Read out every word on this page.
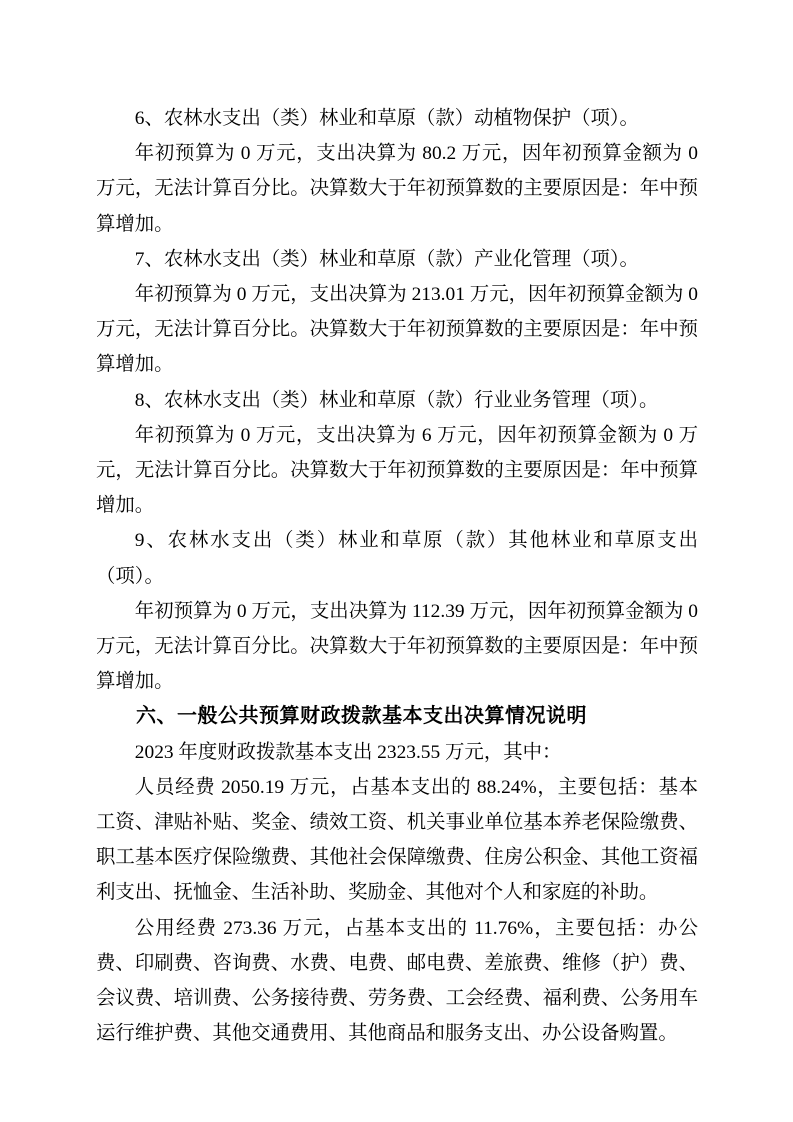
6、农林水支出（类）林业和草原（款）动植物保护（项）。

年初预算为 0 万元，支出决算为 80.2 万元，因年初预算金额为 0 万元，无法计算百分比。决算数大于年初预算数的主要原因是：年中预算增加。

7、农林水支出（类）林业和草原（款）产业化管理（项）。

年初预算为 0 万元，支出决算为 213.01 万元，因年初预算金额为 0 万元，无法计算百分比。决算数大于年初预算数的主要原因是：年中预算增加。

8、农林水支出（类）林业和草原（款）行业业务管理（项）。

年初预算为 0 万元，支出决算为 6 万元，因年初预算金额为 0 万元，无法计算百分比。决算数大于年初预算数的主要原因是：年中预算增加。

9、农林水支出（类）林业和草原（款）其他林业和草原支出（项）。

年初预算为 0 万元，支出决算为 112.39 万元，因年初预算金额为 0 万元，无法计算百分比。决算数大于年初预算数的主要原因是：年中预算增加。

六、一般公共预算财政拨款基本支出决算情况说明

2023 年度财政拨款基本支出 2323.55 万元，其中：

人员经费 2050.19 万元，占基本支出的 88.24%，主要包括：基本工资、津贴补贴、奖金、绩效工资、机关事业单位基本养老保险缴费、职工基本医疗保险缴费、其他社会保障缴费、住房公积金、其他工资福利支出、抚恤金、生活补助、奖励金、其他对个人和家庭的补助。

公用经费 273.36 万元，占基本支出的 11.76%，主要包括：办公费、印刷费、咨询费、水费、电费、邮电费、差旅费、维修（护）费、会议费、培训费、公务接待费、劳务费、工会经费、福利费、公务用车运行维护费、其他交通费用、其他商品和服务支出、办公设备购置。
